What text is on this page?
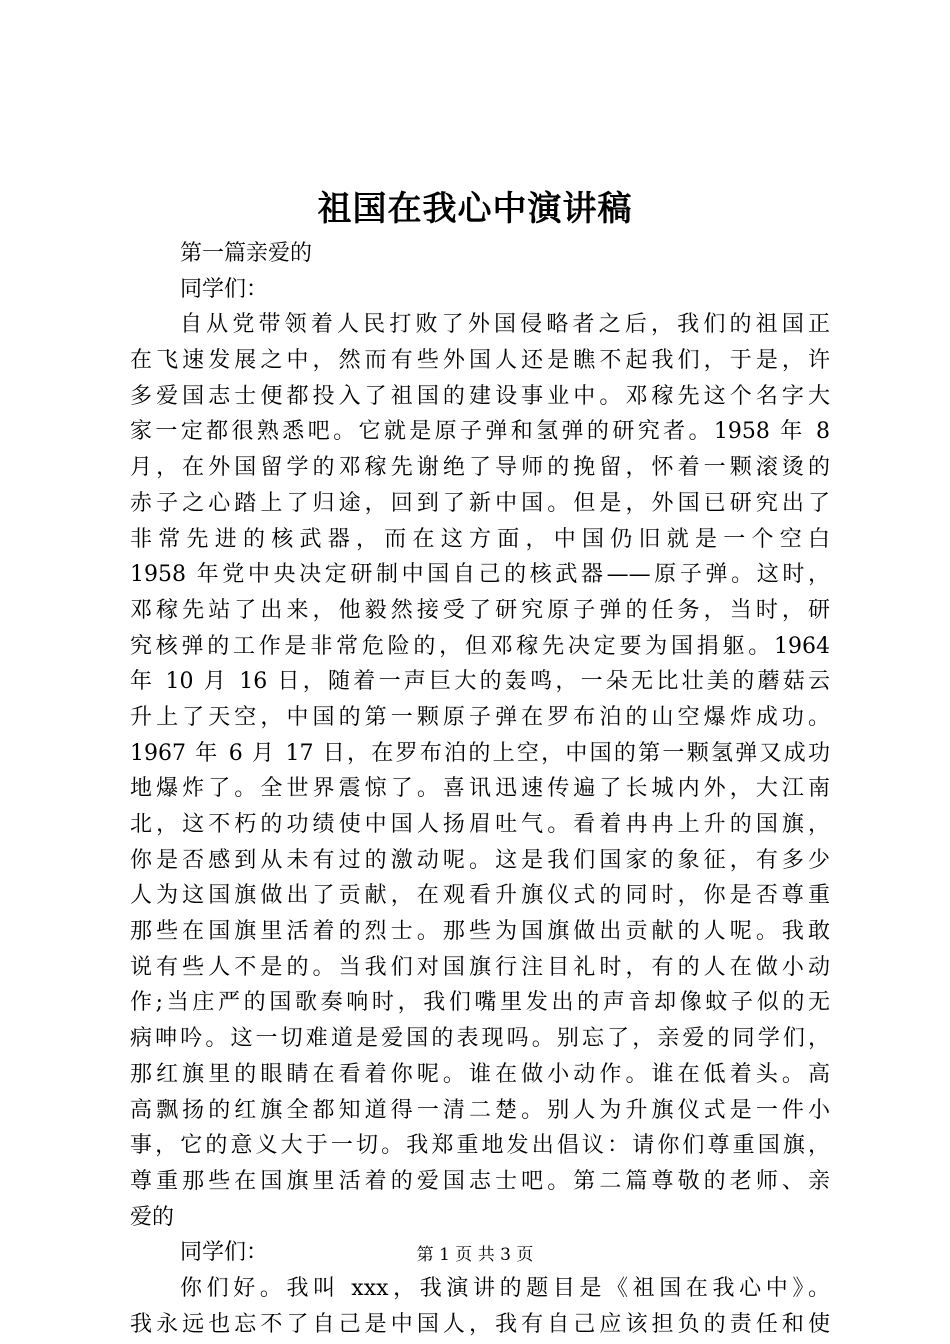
祖国在我心中演讲稿
第一篇亲爱的
同学们：
自从党带领着人民打败了外国侵略者之后，我们的祖国正
在飞速发展之中，然而有些外国人还是瞧不起我们，于是，许
多爱国志士便都投入了祖国的建设事业中。邓稼先这个名字大
家一定都很熟悉吧。它就是原子弹和氢弹的研究者。1958 年 8
月，在外国留学的邓稼先谢绝了导师的挽留，怀着一颗滚烫的
赤子之心踏上了归途，回到了新中国。但是，外国已研究出了
非常先进的核武器，而在这方面，中国仍旧就是一个空白
1958 年党中央决定研制中国自己的核武器——原子弹。这时，
邓稼先站了出来，他毅然接受了研究原子弹的任务，当时，研
究核弹的工作是非常危险的，但邓稼先决定要为国捐躯。1964
年 10 月 16 日，随着一声巨大的轰鸣，一朵无比壮美的蘑菇云
升上了天空，中国的第一颗原子弹在罗布泊的山空爆炸成功。
1967 年 6 月 17 日，在罗布泊的上空，中国的第一颗氢弹又成功
地爆炸了。全世界震惊了。喜讯迅速传遍了长城内外，大江南
北，这不朽的功绩使中国人扬眉吐气。看着冉冉上升的国旗，
你是否感到从未有过的激动呢。这是我们国家的象征，有多少
人为这国旗做出了贡献，在观看升旗仪式的同时，你是否尊重
那些在国旗里活着的烈士。那些为国旗做出贡献的人呢。我敢
说有些人不是的。当我们对国旗行注目礼时，有的人在做小动
作;当庄严的国歌奏响时，我们嘴里发出的声音却像蚊子似的无
病呻吟。这一切难道是爱国的表现吗。别忘了，亲爱的同学们，
那红旗里的眼睛在看着你呢。谁在做小动作。谁在低着头。高
高飘扬的红旗全都知道得一清二楚。别人为升旗仪式是一件小
事，它的意义大于一切。我郑重地发出倡议：请你们尊重国旗，
尊重那些在国旗里活着的爱国志士吧。第二篇尊敬的老师、亲
爱的
同学们：
你们好。我叫 xxx，我演讲的题目是《祖国在我心中》。
我永远也忘不了自己是中国人，我有自己应该担负的责任和使
第 1 页 共 3 页
